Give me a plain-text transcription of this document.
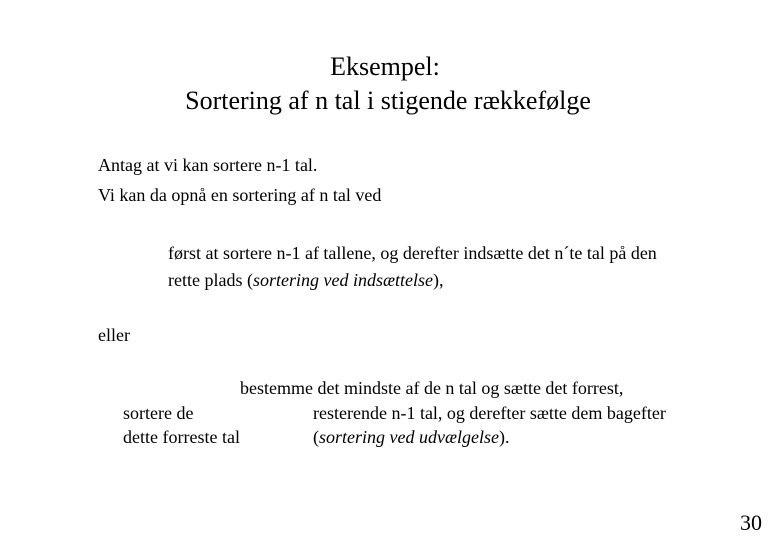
Eksempel:
Sortering af n tal i stigende rækkefølge
Antag at vi kan sortere n-1 tal.
Vi kan da opnå en sortering af n tal ved
først at sortere n-1 af tallene, og derefter indsætte det n´te tal på den
rette plads (sortering ved indsættelse),
eller
bestemme det mindste af de n tal og sætte det forrest,
sortere de	resterende n-1 tal, og derefter sætte dem bagefter
dette forreste tal	(sortering ved udvælgelse).
30
